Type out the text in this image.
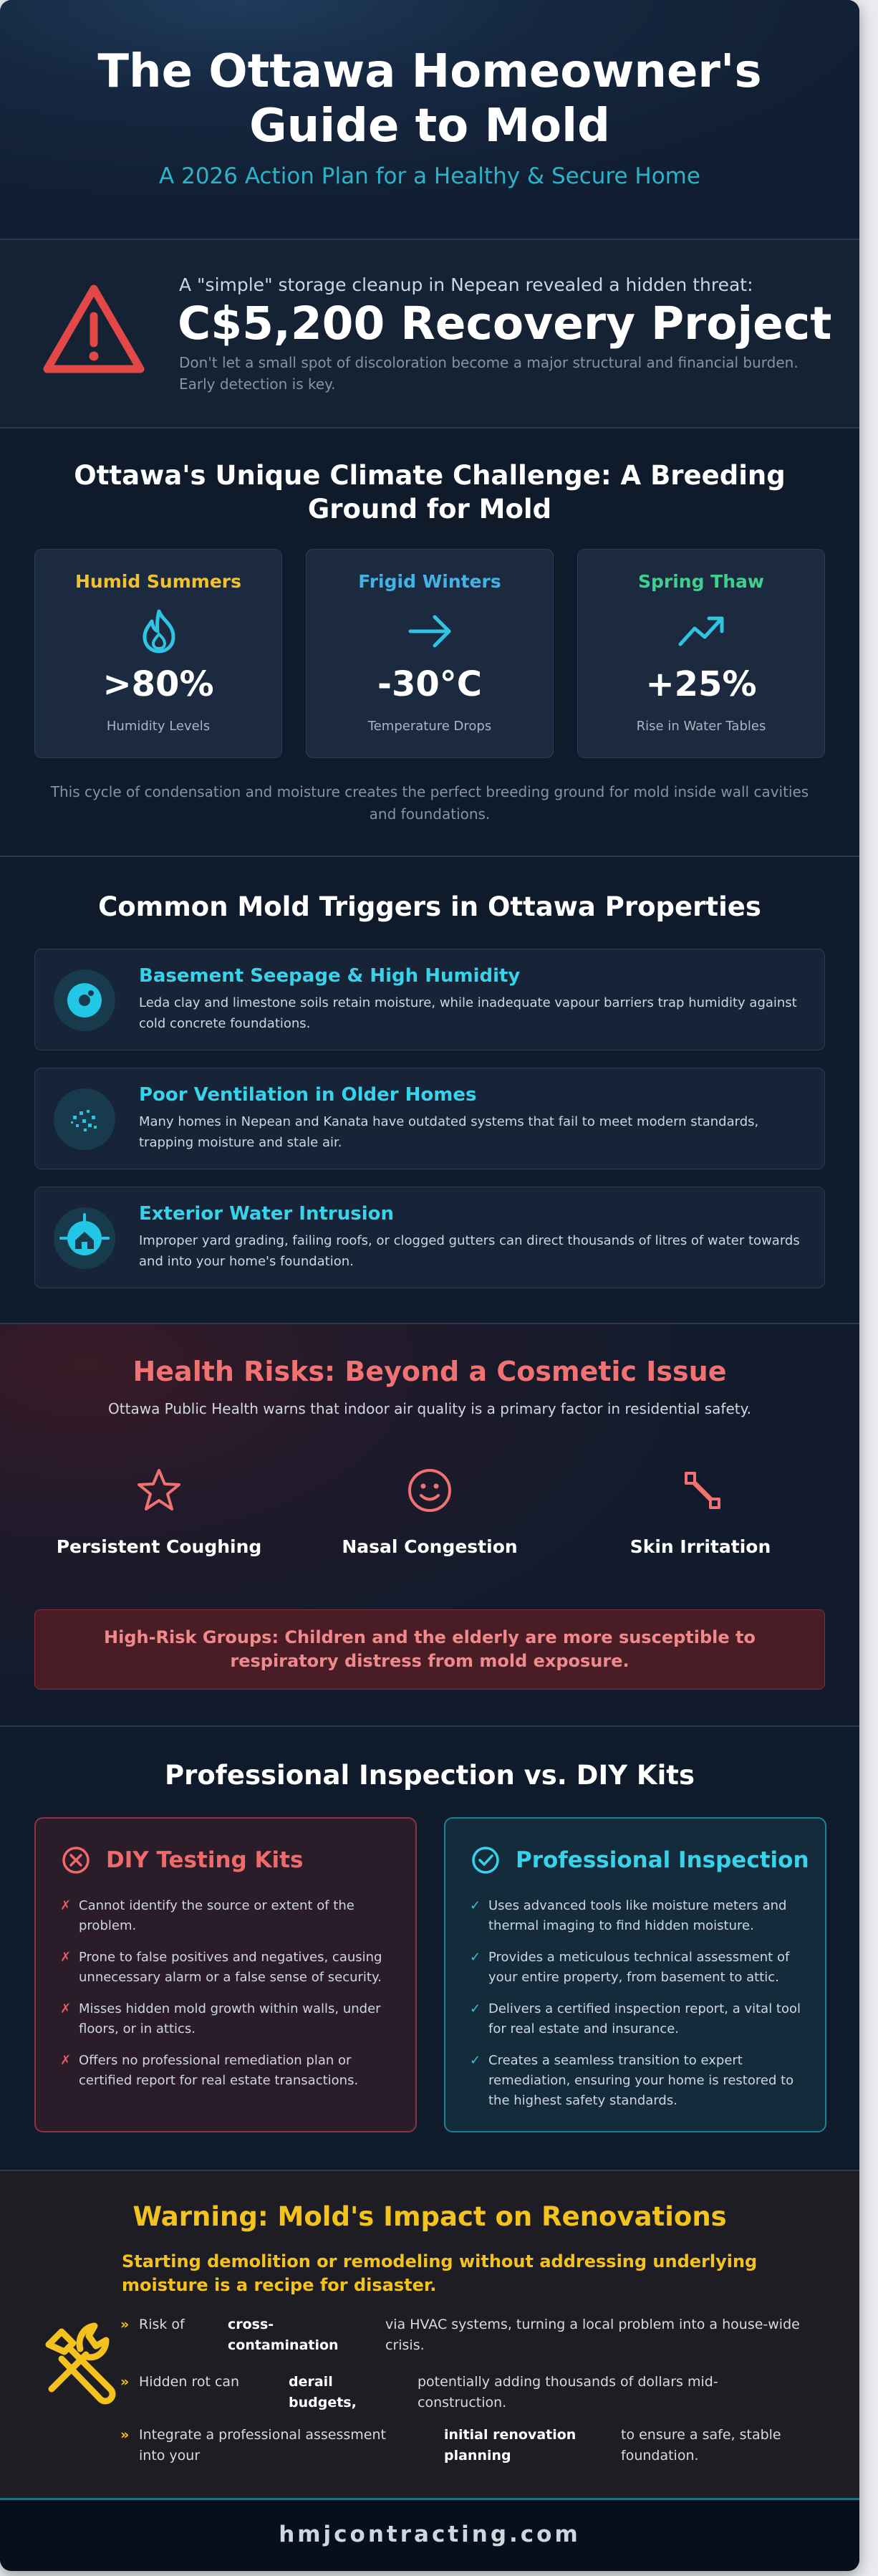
The Ottawa Homeowner's Guide to Mold
A 2026 Action Plan for a Healthy & Secure Home
A "simple" storage cleanup in Nepean revealed a hidden threat:
C$5,200 Recovery Project
Don't let a small spot of discoloration become a major structural and financial burden. Early detection is key.
Ottawa's Unique Climate Challenge: A Breeding Ground for Mold
Humid Summers
>80%
Humidity Levels
Frigid Winters
-30°C
Temperature Drops
Spring Thaw
+25%
Rise in Water Tables
This cycle of condensation and moisture creates the perfect breeding ground for mold inside wall cavities and foundations.
Common Mold Triggers in Ottawa Properties
Basement Seepage & High Humidity
Leda clay and limestone soils retain moisture, while inadequate vapour barriers trap humidity against cold concrete foundations.
Poor Ventilation in Older Homes
Many homes in Nepean and Kanata have outdated systems that fail to meet modern standards, trapping moisture and stale air.
Exterior Water Intrusion
Improper yard grading, failing roofs, or clogged gutters can direct thousands of litres of water towards and into your home's foundation.
Health Risks: Beyond a Cosmetic Issue
Ottawa Public Health warns that indoor air quality is a primary factor in residential safety.
Persistent Coughing	Nasal Congestion	Skin Irritation
High-Risk Groups: Children and the elderly are more susceptible to respiratory distress from mold exposure.
Professional Inspection vs. DIY Kits
DIY Testing Kits
✗ Cannot identify the source or extent of the problem.
✗ Prone to false positives and negatives, causing unnecessary alarm or a false sense of security.
✗ Misses hidden mold growth within walls, under floors, or in attics.
✗ Offers no professional remediation plan or certified report for real estate transactions.
Professional Inspection
✓ Uses advanced tools like moisture meters and thermal imaging to find hidden moisture.
✓ Provides a meticulous technical assessment of your entire property, from basement to attic.
✓ Delivers a certified inspection report, a vital tool for real estate and insurance.
✓ Creates a seamless transition to expert remediation, ensuring your home is restored to the highest safety standards.
Warning: Mold's Impact on Renovations
Starting demolition or remodeling without addressing underlying moisture is a recipe for disaster.
» Risk of	cross-contamination
via HVAC systems, turning a local problem into a house-wide crisis.
» Hidden rot can	derail budgets,
potentially adding thousands of dollars mid-construction.
» Integrate a professional assessment into your
initial renovation planning
to ensure a safe, stable foundation.
hmjcontracting.com
